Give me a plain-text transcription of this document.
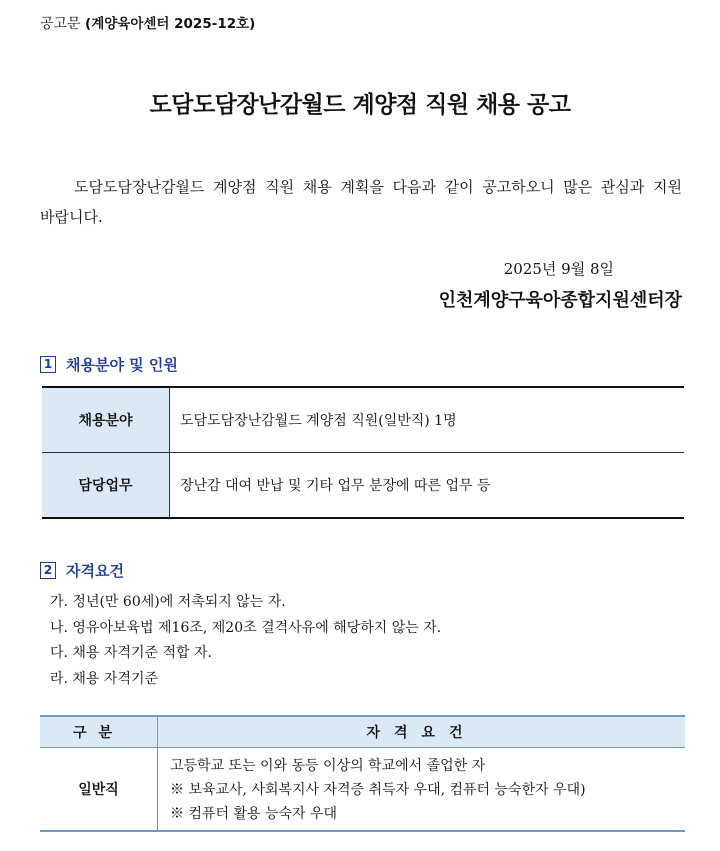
공고문 (계양육아센터 2025-12호)
도담도담장난감월드 계양점 직원 채용 공고
도담도담장난감월드 계양점 직원 채용 계획을 다음과 같이 공고하오니 많은 관심과 지원 바랍니다.
2025년 9월 8일
인천계양구육아종합지원센터장
1 채용분야 및 인원
채용분야	도담도담장난감월드 계양점 직원(일반직) 1명
담당업무	장난감 대여 반납 및 기타 업무 분장에 따른 업무 등
2 자격요건
가. 정년(만 60세)에 저촉되지 않는 자.
나. 영유아보육법 제16조, 제20조 결격사유에 해당하지 않는 자.
다. 채용 자격기준 적합 자.
라. 채용 자격기준
구분	자격요건
일반직	고등학교 또는 이와 동등 이상의 학교에서 졸업한 자
※ 보육교사, 사회복지사 자격증 취득자 우대, 컴퓨터 능숙한자 우대)
※ 컴퓨터 활용 능숙자 우대
